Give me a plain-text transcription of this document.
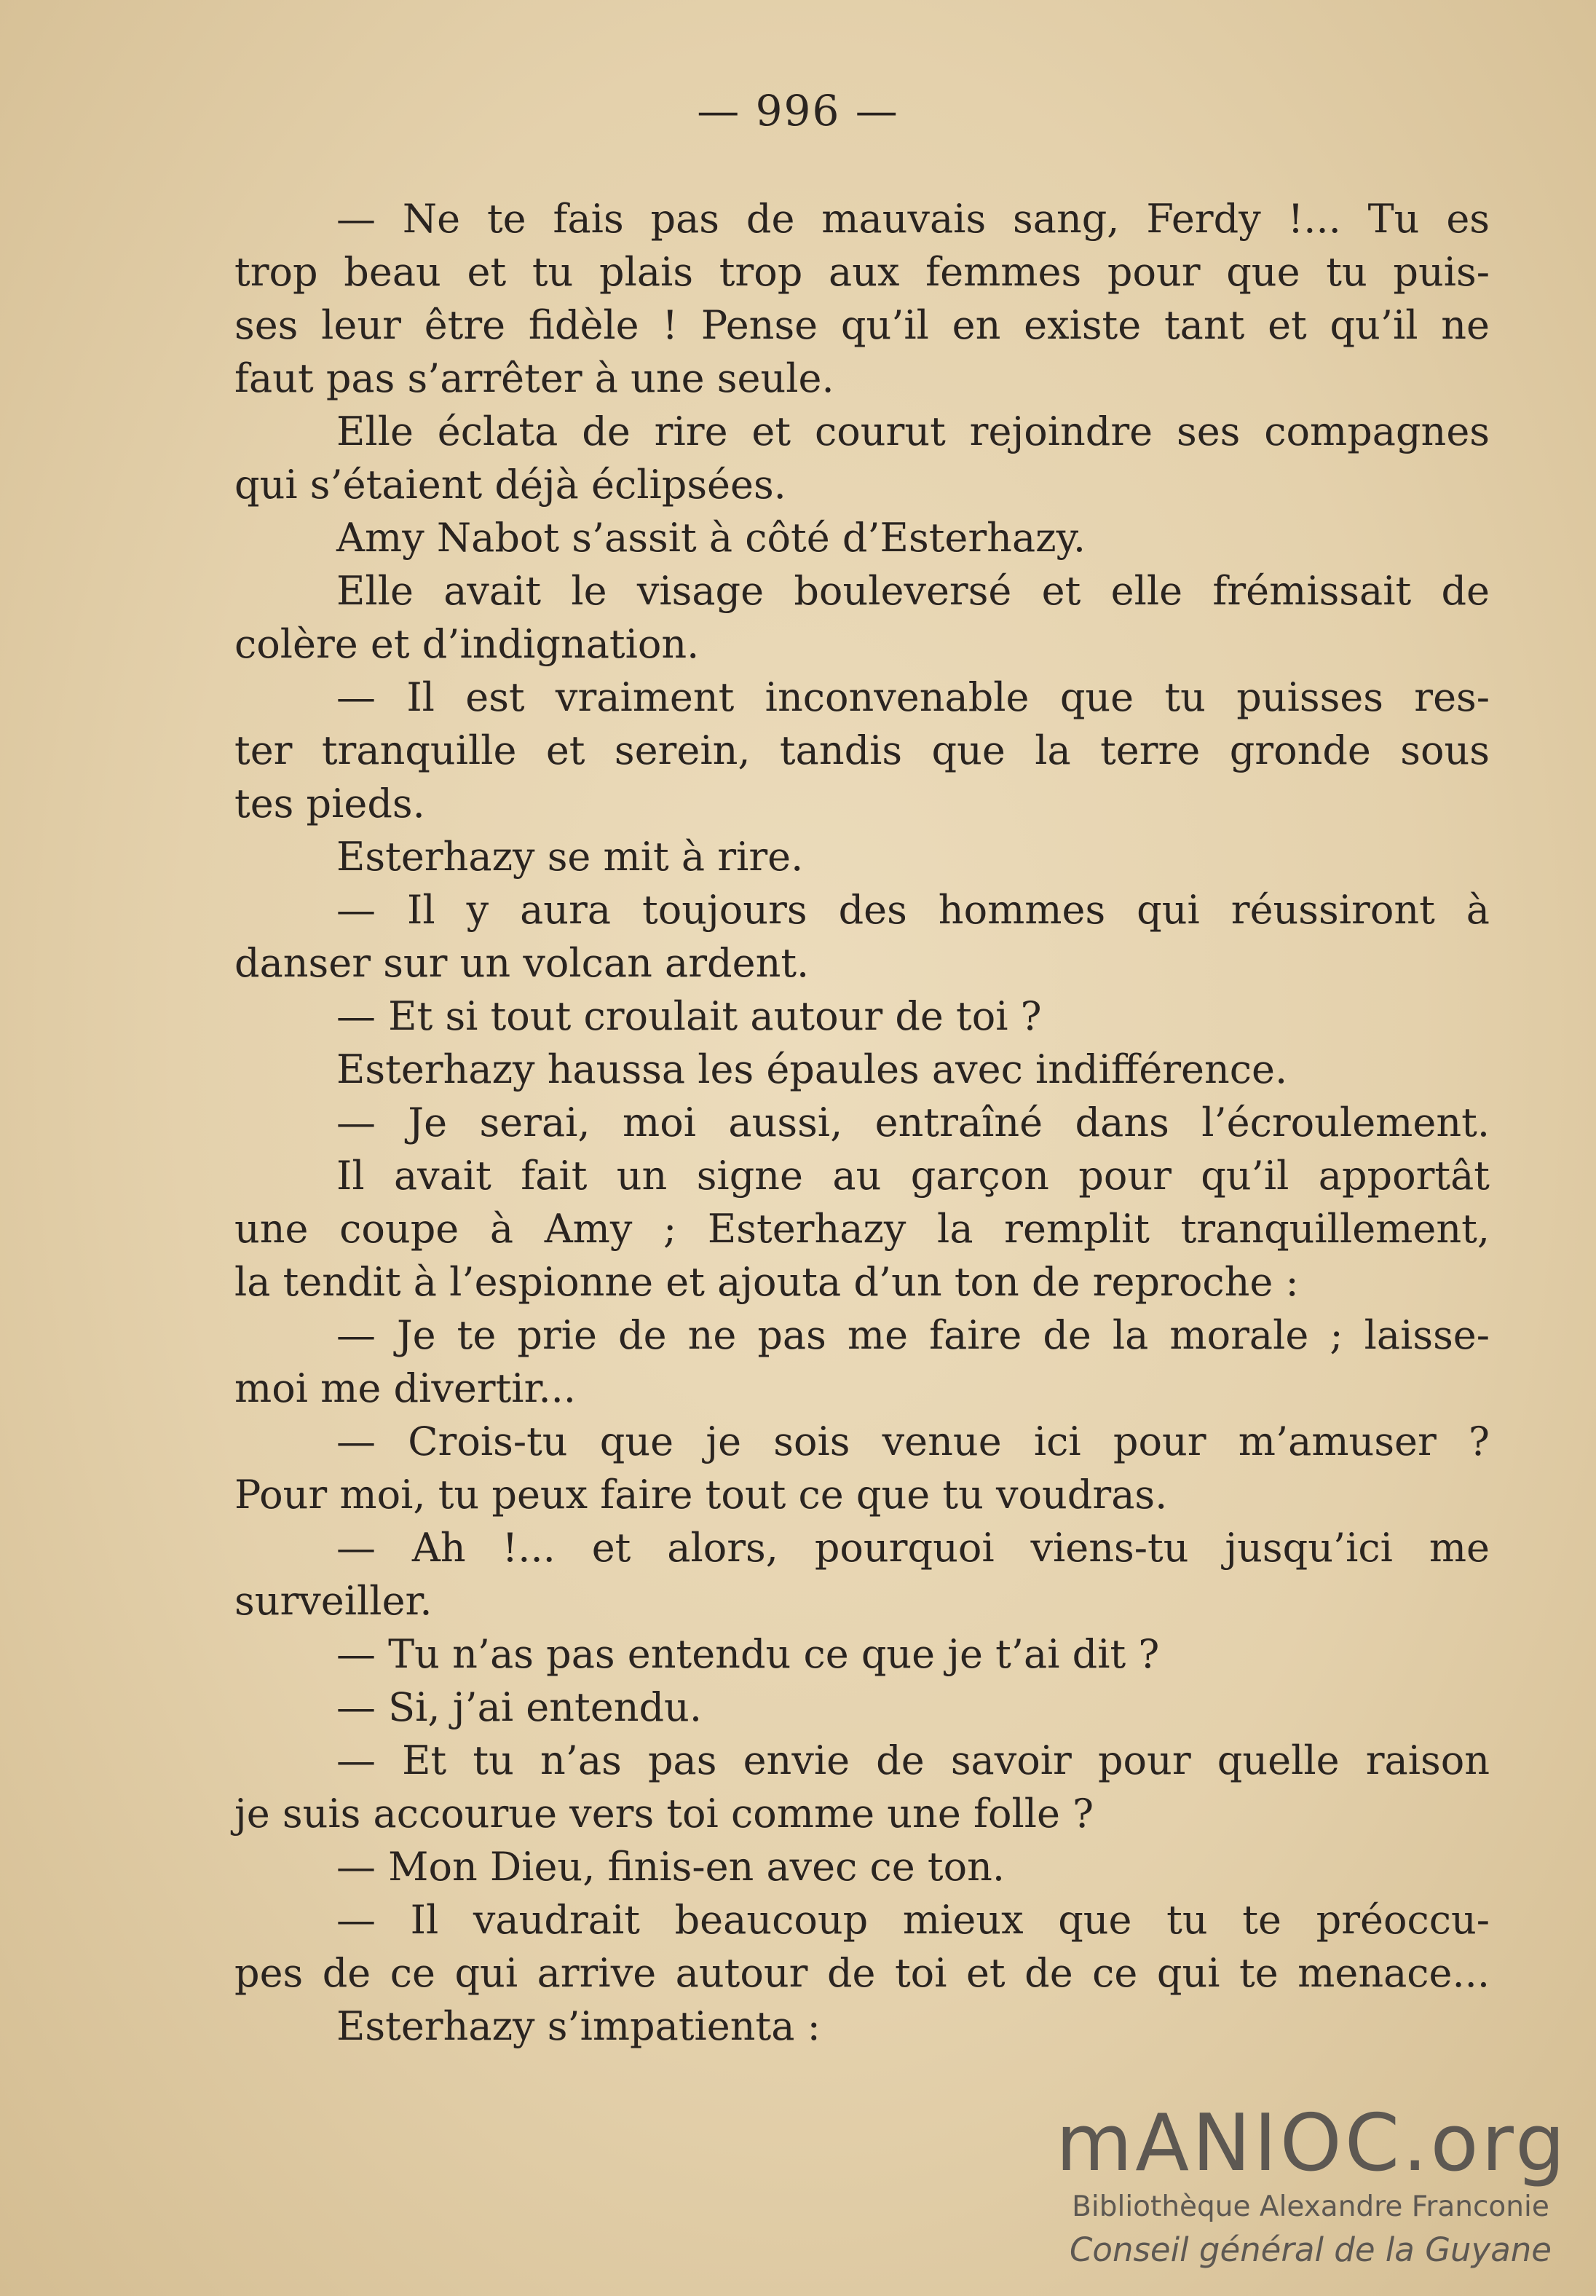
— 996 —
— Ne te fais pas de mauvais sang, Ferdy !... Tu es
trop beau et tu plais trop aux femmes pour que tu puis-
ses leur être fidèle ! Pense qu’il en existe tant et qu’il ne
faut pas s’arrêter à une seule.
Elle éclata de rire et courut rejoindre ses compagnes
qui s’étaient déjà éclipsées.
Amy Nabot s’assit à côté d’Esterhazy.
Elle avait le visage bouleversé et elle frémissait de
colère et d’indignation.
— Il est vraiment inconvenable que tu puisses res-
ter tranquille et serein, tandis que la terre gronde sous
tes pieds.
Esterhazy se mit à rire.
— Il y aura toujours des hommes qui réussiront à
danser sur un volcan ardent.
— Et si tout croulait autour de toi ?
Esterhazy haussa les épaules avec indifférence.
— Je serai, moi aussi, entraîné dans l’écroulement.
Il avait fait un signe au garçon pour qu’il apportât
une coupe à Amy ; Esterhazy la remplit tranquillement,
la tendit à l’espionne et ajouta d’un ton de reproche :
— Je te prie de ne pas me faire de la morale ; laisse-
moi me divertir...
— Crois-tu que je sois venue ici pour m’amuser ?
Pour moi, tu peux faire tout ce que tu voudras.
— Ah !... et alors, pourquoi viens-tu jusqu’ici me
surveiller.
— Tu n’as pas entendu ce que je t’ai dit ?
— Si, j’ai entendu.
— Et tu n’as pas envie de savoir pour quelle raison
je suis accourue vers toi comme une folle ?
— Mon Dieu, finis-en avec ce ton.
— Il vaudrait beaucoup mieux que tu te préoccu-
pes de ce qui arrive autour de toi et de ce qui te menace...
Esterhazy s’impatienta :
mANIOC.org
Bibliothèque Alexandre Franconie
Conseil général de la Guyane
